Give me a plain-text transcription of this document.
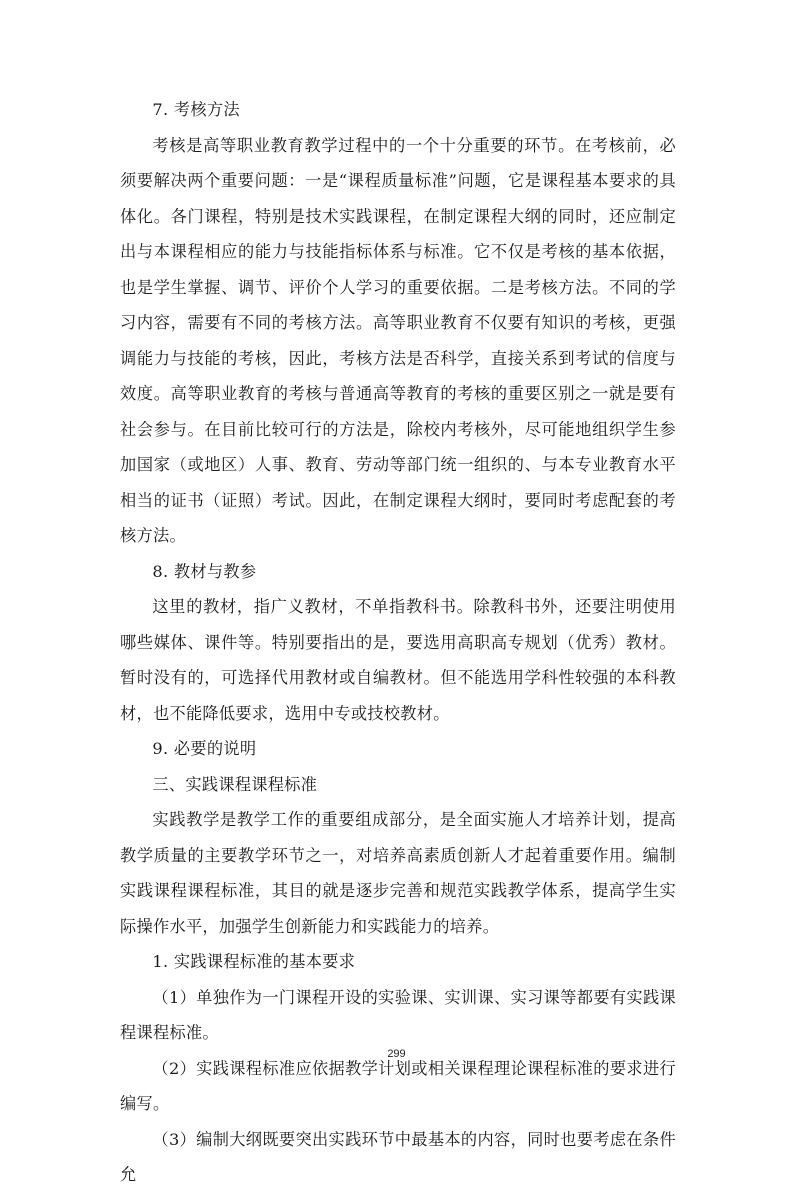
7. 考核方法

考核是高等职业教育教学过程中的一个十分重要的环节。在考核前，必须要解决两个重要问题：一是“课程质量标准”问题，它是课程基本要求的具体化。各门课程，特别是技术实践课程，在制定课程大纲的同时，还应制定出与本课程相应的能力与技能指标体系与标准。它不仅是考核的基本依据，也是学生掌握、调节、评价个人学习的重要依据。二是考核方法。不同的学习内容，需要有不同的考核方法。高等职业教育不仅要有知识的考核，更强调能力与技能的考核，因此，考核方法是否科学，直接关系到考试的信度与效度。高等职业教育的考核与普通高等教育的考核的重要区别之一就是要有社会参与。在目前比较可行的方法是，除校内考核外，尽可能地组织学生参加国家（或地区）人事、教育、劳动等部门统一组织的、与本专业教育水平相当的证书（证照）考试。因此，在制定课程大纲时，要同时考虑配套的考核方法。

8. 教材与教参

这里的教材，指广义教材，不单指教科书。除教科书外，还要注明使用哪些媒体、课件等。特别要指出的是，要选用高职高专规划（优秀）教材。暂时没有的，可选择代用教材或自编教材。但不能选用学科性较强的本科教材，也不能降低要求，选用中专或技校教材。

9. 必要的说明

三、实践课程课程标准

实践教学是教学工作的重要组成部分，是全面实施人才培养计划，提高教学质量的主要教学环节之一，对培养高素质创新人才起着重要作用。编制实践课程课程标准，其目的就是逐步完善和规范实践教学体系，提高学生实际操作水平，加强学生创新能力和实践能力的培养。

1. 实践课程标准的基本要求

（1）单独作为一门课程开设的实验课、实训课、实习课等都要有实践课程课程标准。

（2）实践课程标准应依据教学计划或相关课程理论课程标准的要求进行编写。

（3）编制大纲既要突出实践环节中最基本的内容，同时也要考虑在条件允

299
